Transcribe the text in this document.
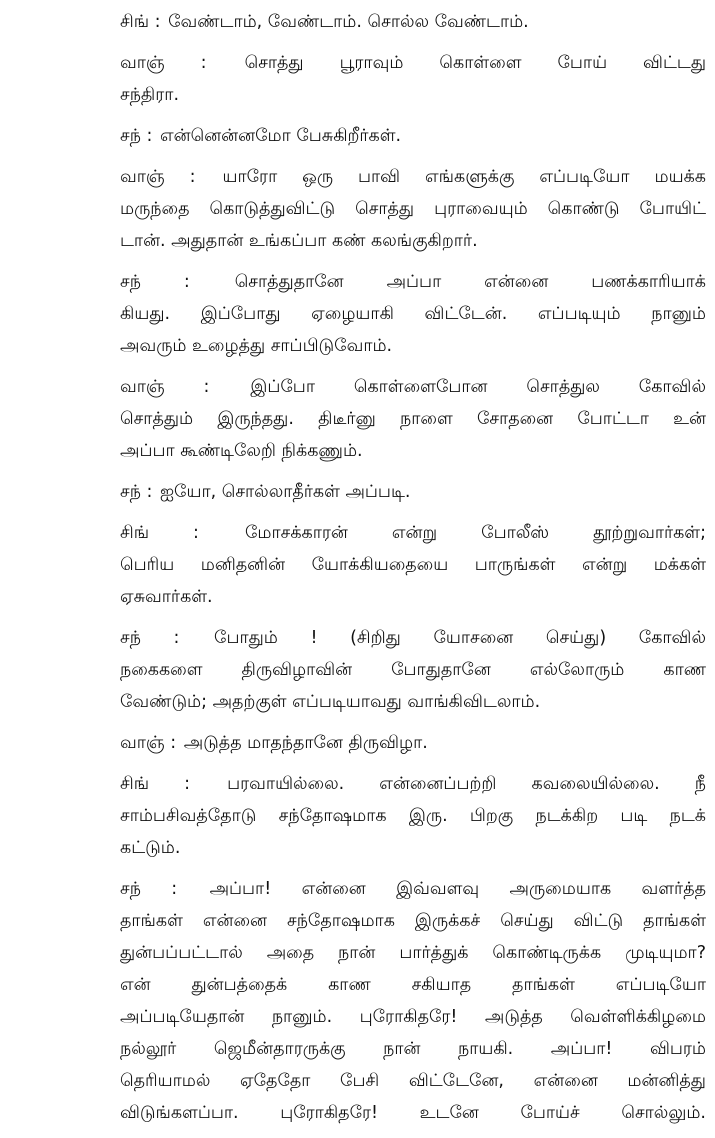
சிங் : வேண்டாம், வேண்டாம். சொல்ல வேண்டாம்.
வாஞ் : சொத்து பூராவும் கொள்ளை போய் விட்டது
சந்திரா.
சந் : என்னென்னமோ பேசுகிறீர்கள்.
வாஞ் : யாரோ ஒரு பாவி எங்களுக்கு எப்படியோ மயக்க
மருந்தை கொடுத்துவிட்டு சொத்து புராவையும் கொண்டு போயிட்
டான். அதுதான் உங்கப்பா கண் கலங்குகிறார்.
சந் :	சொத்துதானே அப்பா என்னை பணக்காரியாக்
கியது. இப்போது ஏழையாகி விட்டேன். எப்படியும் நானும்
அவரும் உழைத்து சாப்பிடுவோம்.
வாஞ் : இப்போ கொள்ளைபோன சொத்துல கோவில்
சொத்தும் இருந்தது. திடீர்னு நாளை சோதனை போட்டா உன்
அப்பா கூண்டிலேறி நிக்கணும்.
சந் : ஐயோ, சொல்லாதீர்கள் அப்படி.
சிங் :	மோசக்காரன் என்று போலீஸ் தூற்றுவார்கள்;
பெரிய மனிதனின் யோக்கியதையை பாருங்கள் என்று மக்கள்
ஏசுவார்கள்.
சந் : போதும் ! (சிறிது யோசனை செய்து) கோவில்
நகைகளை திருவிழாவின் போதுதானே எல்லோரும் காண
வேண்டும்; அதற்குள் எப்படியாவது வாங்கிவிடலாம்.
வாஞ் : அடுத்த மாதந்தானே திருவிழா.
சிங் : பரவாயில்லை. என்னைப்பற்றி கவலையில்லை. நீ
சாம்பசிவத்தோடு சந்தோஷமாக இரு. பிறகு நடக்கிற படி நடக்
கட்டும்.
சந் : அப்பா! என்னை இவ்வளவு அருமையாக வளர்த்த
தாங்கள் என்னை சந்தோஷமாக இருக்கச் செய்து விட்டு தாங்கள்
துன்பப்பட்டால் அதை நான் பார்த்துக் கொண்டிருக்க முடியுமா?
என் துன்பத்தைக் காண சகியாத தாங்கள் எப்படியோ
அப்படியேதான் நானும். புரோகிதரே! அடுத்த வெள்ளிக்கிழமை
நல்லூர் ஜெமீன்தாரருக்கு நான் நாயகி. அப்பா! விபரம்
தெரியாமல் ஏதேதோ பேசி விட்டேனே, என்னை மன்னித்து
விடுங்களப்பா. புரோகிதரே! உடனே போய்ச் சொல்லும்.
